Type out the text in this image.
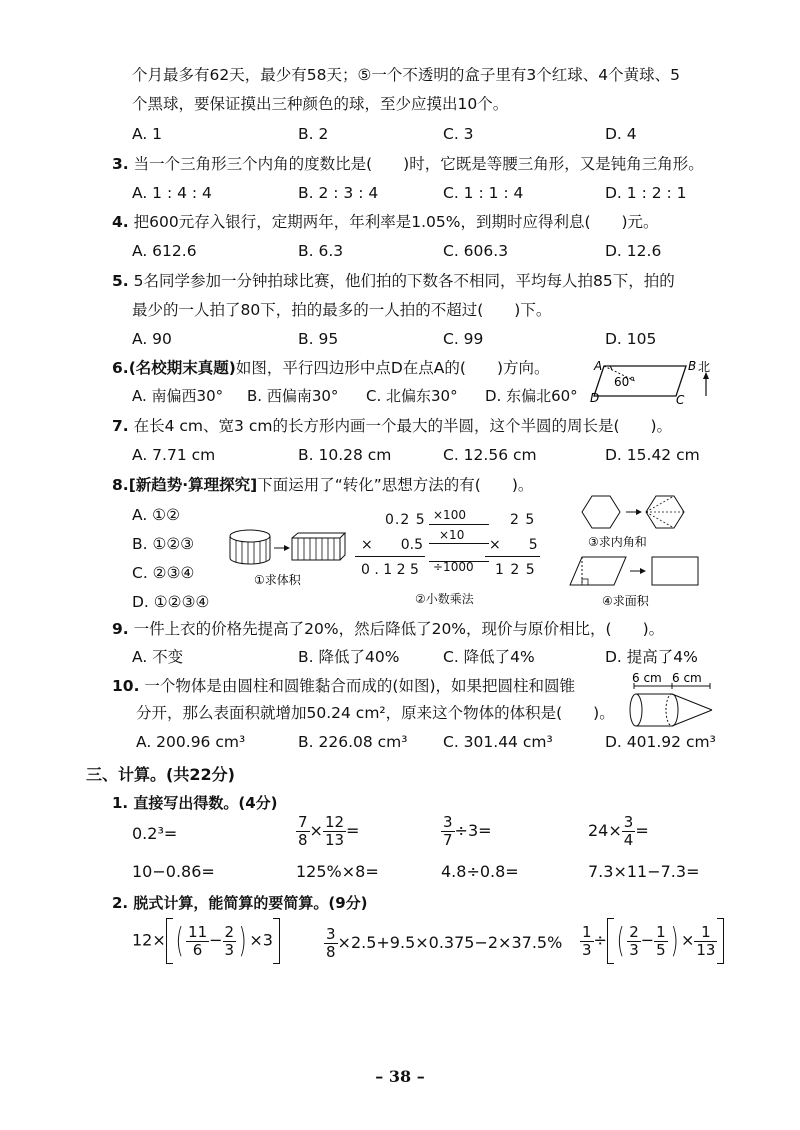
个月最多有62天，最少有58天；⑤一个不透明的盒子里有3个红球、4个黄球、5
个黑球，要保证摸出三种颜色的球，至少应摸出10个。
A. 1	B. 2	C. 3	D. 4
3. 当一个三角形三个内角的度数比是(　　)时，它既是等腰三角形，又是钝角三角形。
A. 1 : 4 : 4	B. 2 : 3 : 4	C. 1 : 1 : 4	D. 1 : 2 : 1
4. 把600元存入银行，定期两年，年利率是1.05%，到期时应得利息(　　)元。
A. 612.6	B. 6.3	C. 606.3	D. 12.6
5. 5名同学参加一分钟拍球比赛，他们拍的下数各不相同，平均每人拍85下，拍的
最少的一人拍了80下，拍的最多的一人拍的不超过(　　)下。
A. 90	B. 95	C. 99	D. 105
6.(名校期末真题)如图，平行四边形中点D在点A的(　　)方向。
A. 南偏西30° B. 西偏南30° C. 北偏东30° D. 东偏北60°
A	B
C
D
60°
北
7. 在长4 cm、宽3 cm的长方形内画一个最大的半圆，这个半圆的周长是(　　)。
A. 7.71 cm	B. 10.28 cm	C. 12.56 cm	D. 15.42 cm
8.[新趋势·算理探究]下面运用了“转化”思想方法的有(　　)。
A. ①②
B. ①②③
C. ②③④
D. ①②③④
①求体积
0.2 5 ×100	2 5
×　　0.5
×10
×　　5
0 . 1 2 5 ÷1000 1 2 5
②小数乘法
③求内角和
④求面积
9. 一件上衣的价格先提高了20%，然后降低了20%，现价与原价相比，(　　)。
A. 不变	B. 降低了40%	C. 降低了4%	D. 提高了4%
10. 一个物体是由圆柱和圆锥黏合而成的(如图)，如果把圆柱和圆锥
分开，那么表面积就增加50.24 cm²，原来这个物体的体积是(　　)。
A. 200.96 cm³	B. 226.08 cm³ C. 301.44 cm³	D. 401.92 cm³
6 cm 6 cm
三、计算。(共22分)
1. 直接写出得数。(4分)
0.2³=	$\frac{7}{8} \times \frac{12}{13}$ =	$\frac{3}{7} \div 3=$	$24\times \frac{3}{4}$ =
10−0.86=	125%×8=	4.8÷0.8=	7.3×11−7.3=
2. 脱式计算，能简算的要简算。(9分)
12× ( $\frac{11}{6} - \frac{2}{3}$ ) ×3	$\frac{3}{8} \times 2.5+9.5\times 0.375-2\times 37.5\% \frac{1}{3}$ ÷ ( $\frac{2}{3} - \frac{1}{5}$ ) × $\frac{1}{13}$
– 38 –
